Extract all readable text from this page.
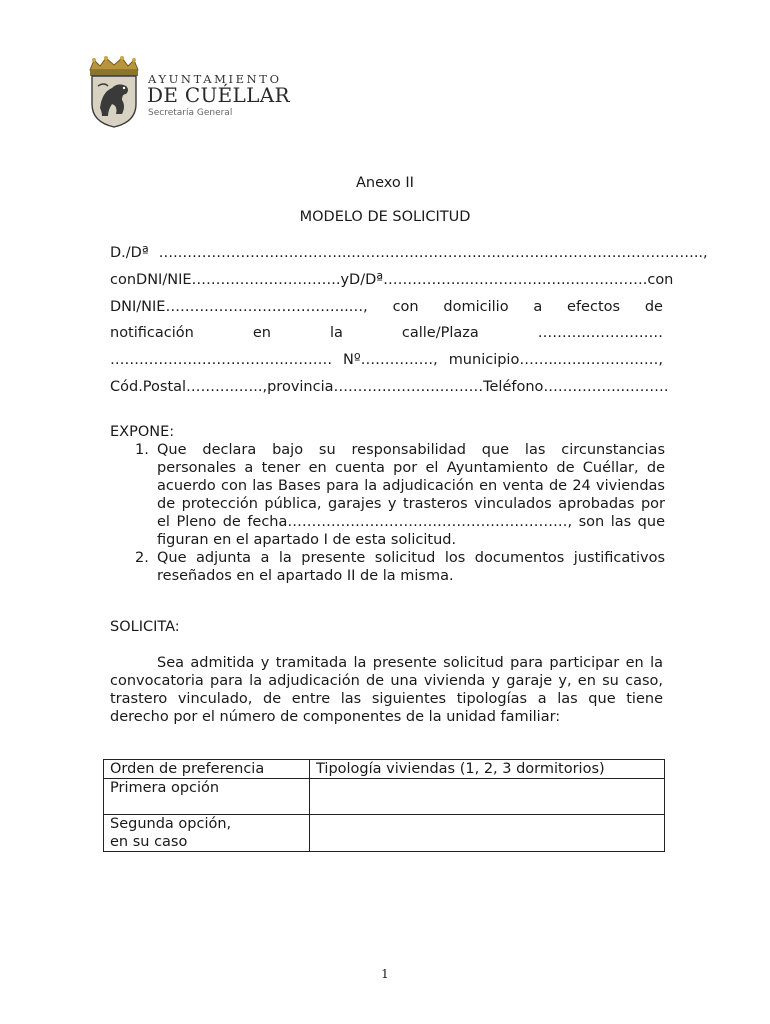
AYUNTAMIENTO
DE CUÉLLAR
Secretaría General
Anexo II
MODELO DE SOLICITUD
D./Dª …..……………………………..…………………………..…………………………………..,
con DNI/NIE……….…….…………..y D/Dª……………...…………….…..…………….con
DNI/NIE………………………………..…, con domicilio a efectos de
notificación	en	la	calle/Plaza	………..……………
……………………………….……… Nº……………, municipio……...…..……………,
Cód.Postal………..…..,provincia………………….………Teléfono……………..………
EXPONE:
1. Que declara bajo su responsabilidad que las circunstancias personales a tener en cuenta por el Ayuntamiento de Cuéllar, de acuerdo con las Bases para la adjudicación en venta de 24 viviendas de protección pública, garajes y trasteros vinculados aprobadas por el Pleno de fecha………………………….………………………, son las que figuran en el apartado I de esta solicitud.
2. Que adjunta a la presente solicitud los documentos justificativos reseñados en el apartado II de la misma.
SOLICITA:
Sea admitida y tramitada la presente solicitud para participar en la convocatoria para la adjudicación de una vivienda y garaje y, en su caso, trastero vinculado, de entre las siguientes tipologías a las que tiene derecho por el número de componentes de la unidad familiar:
Orden de preferencia	Tipología viviendas (1, 2, 3 dormitorios)
Primera opción	

Segunda opción,
en su caso	

1
